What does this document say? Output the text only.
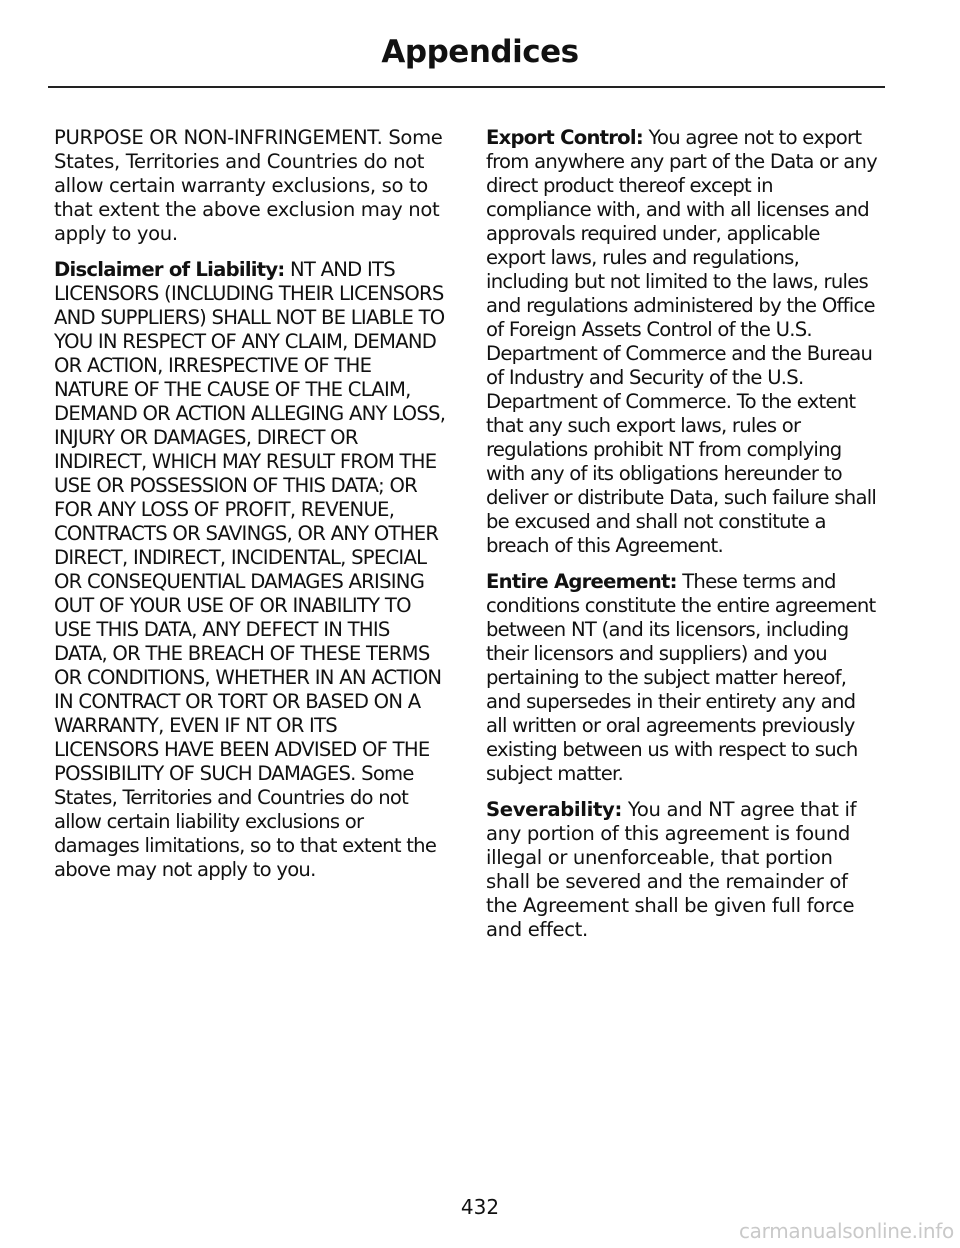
Appendices

PURPOSE OR NON-INFRINGEMENT. Some States, Territories and Countries do not allow certain warranty exclusions, so to that extent the above exclusion may not apply to you.

Disclaimer of Liability: NT AND ITS LICENSORS (INCLUDING THEIR LICENSORS AND SUPPLIERS) SHALL NOT BE LIABLE TO YOU IN RESPECT OF ANY CLAIM, DEMAND OR ACTION, IRRESPECTIVE OF THE NATURE OF THE CAUSE OF THE CLAIM, DEMAND OR ACTION ALLEGING ANY LOSS, INJURY OR DAMAGES, DIRECT OR INDIRECT, WHICH MAY RESULT FROM THE USE OR POSSESSION OF THIS DATA; OR FOR ANY LOSS OF PROFIT, REVENUE, CONTRACTS OR SAVINGS, OR ANY OTHER DIRECT, INDIRECT, INCIDENTAL, SPECIAL OR CONSEQUENTIAL DAMAGES ARISING OUT OF YOUR USE OF OR INABILITY TO USE THIS DATA, ANY DEFECT IN THIS DATA, OR THE BREACH OF THESE TERMS OR CONDITIONS, WHETHER IN AN ACTION IN CONTRACT OR TORT OR BASED ON A WARRANTY, EVEN IF NT OR ITS LICENSORS HAVE BEEN ADVISED OF THE POSSIBILITY OF SUCH DAMAGES. Some States, Territories and Countries do not allow certain liability exclusions or damages limitations, so to that extent the above may not apply to you.

Export Control: You agree not to export from anywhere any part of the Data or any direct product thereof except in compliance with, and with all licenses and approvals required under, applicable export laws, rules and regulations, including but not limited to the laws, rules and regulations administered by the Office of Foreign Assets Control of the U.S. Department of Commerce and the Bureau of Industry and Security of the U.S. Department of Commerce. To the extent that any such export laws, rules or regulations prohibit NT from complying with any of its obligations hereunder to deliver or distribute Data, such failure shall be excused and shall not constitute a breach of this Agreement.

Entire Agreement: These terms and conditions constitute the entire agreement between NT (and its licensors, including their licensors and suppliers) and you pertaining to the subject matter hereof, and supersedes in their entirety any and all written or oral agreements previously existing between us with respect to such subject matter.

Severability: You and NT agree that if any portion of this agreement is found illegal or unenforceable, that portion shall be severed and the remainder of the Agreement shall be given full force and effect.

432
carmanualsonline.info
